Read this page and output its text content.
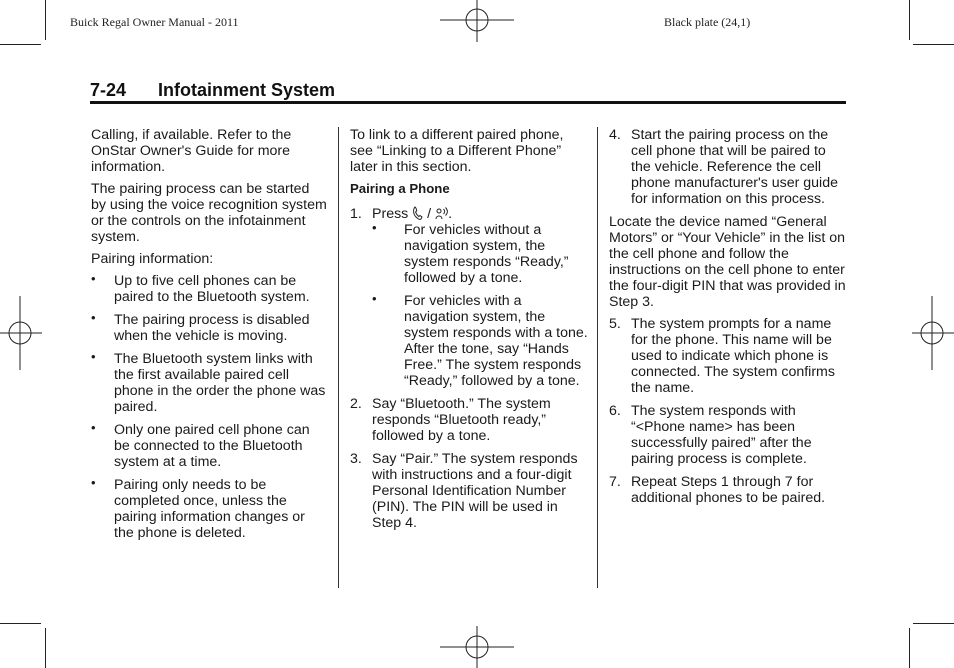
Buick Regal Owner Manual - 2011	Black plate (24,1)
7-24 Infotainment System

Calling, if available. Refer to the OnStar Owner's Guide for more information.

The pairing process can be started by using the voice recognition system or the controls on the infotainment system.

Pairing information:

• Up to five cell phones can be paired to the Bluetooth system.
• The pairing process is disabled when the vehicle is moving.
• The Bluetooth system links with the first available paired cell phone in the order the phone was paired.
• Only one paired cell phone can be connected to the Bluetooth system at a time.
• Pairing only needs to be completed once, unless the pairing information changes or the phone is deleted.

To link to a different paired phone, see “Linking to a Different Phone” later in this section.

Pairing a Phone

1. Press / .
• For vehicles without a navigation system, the system responds “Ready,” followed by a tone.
• For vehicles with a navigation system, the system responds with a tone. After the tone, say “Hands Free.” The system responds “Ready,” followed by a tone.
2. Say “Bluetooth.” The system responds “Bluetooth ready,” followed by a tone.
3. Say “Pair.” The system responds with instructions and a four-digit Personal Identification Number (PIN). The PIN will be used in Step 4.
4. Start the pairing process on the cell phone that will be paired to the vehicle. Reference the cell phone manufacturer's user guide for information on this process.

Locate the device named “General Motors” or “Your Vehicle” in the list on the cell phone and follow the instructions on the cell phone to enter the four-digit PIN that was provided in Step 3.

5. The system prompts for a name for the phone. This name will be used to indicate which phone is connected. The system confirms the name.
6. The system responds with “<Phone name> has been successfully paired” after the pairing process is complete.
7. Repeat Steps 1 through 7 for additional phones to be paired.
